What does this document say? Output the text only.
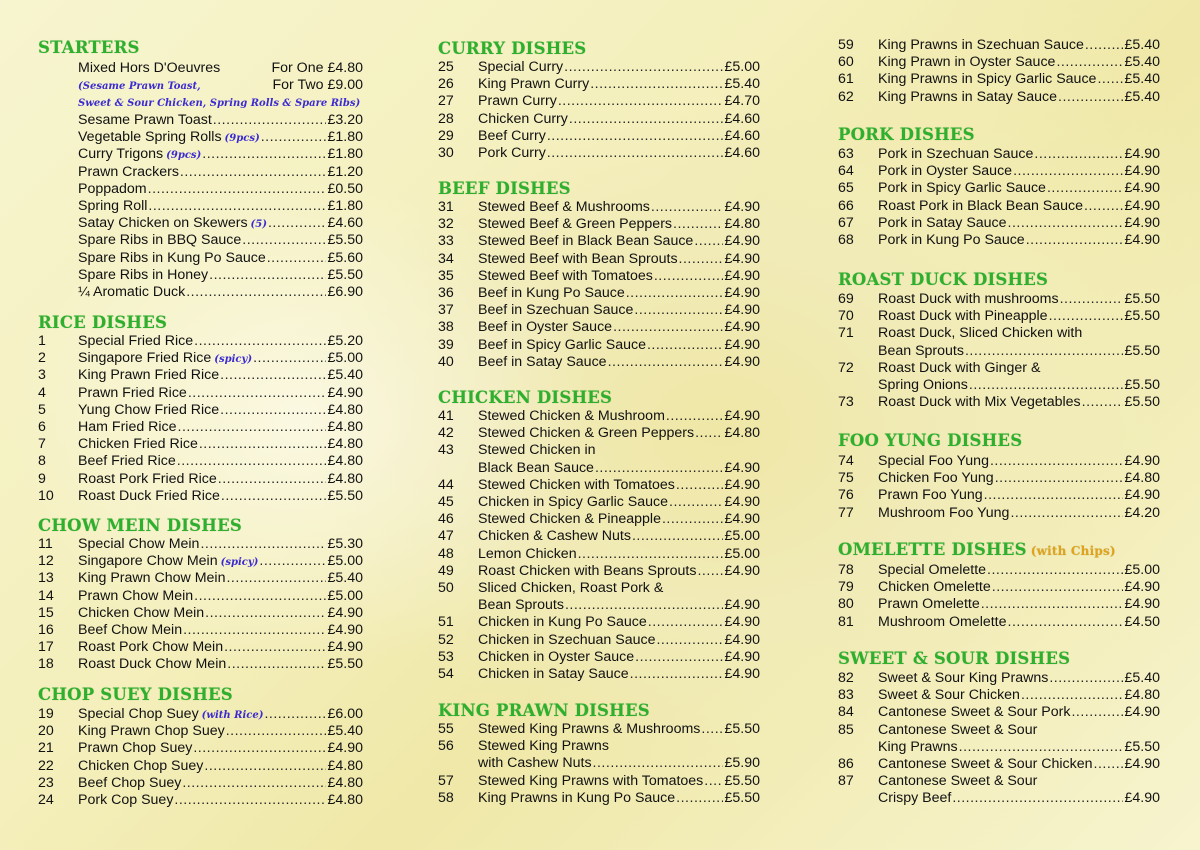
STARTERS
Mixed Hors D'Oeuvres	For One £4.80
For Two £9.00
(Sesame Prawn Toast,
Sweet & Sour Chicken, Spring Rolls & Spare Ribs)
Sesame Prawn Toast .....	£3.20
Vegetable Spring Rolls (9pcs) .....	£1.80
Curry Trigons (9pcs) .....	£1.80
Prawn Crackers .....	£1.20
Poppadom .....	£0.50
Spring Roll .....	£1.80
Satay Chicken on Skewers (5) .....	£4.60
Spare Ribs in BBQ Sauce .....	£5.50
Spare Ribs in Kung Po Sauce .....	£5.60
Spare Ribs in Honey .....	£5.50
¼ Aromatic Duck .....	£6.90
RICE DISHES
1	Special Fried Rice .....	£5.20
2	Singapore Fried Rice (spicy) .....	£5.00
3	King Prawn Fried Rice .....	£5.40
4	Prawn Fried Rice .....	£4.90
5	Yung Chow Fried Rice .....	£4.80
6	Ham Fried Rice .....	£4.80
7	Chicken Fried Rice .....	£4.80
8	Beef Fried Rice .....	£4.80
9	Roast Pork Fried Rice .....	£4.80
10	Roast Duck Fried Rice .....	£5.50
CHOW MEIN DISHES
11	Special Chow Mein .....	£5.30
12	Singapore Chow Mein (spicy) .....	£5.00
13	King Prawn Chow Mein .....	£5.40
14	Prawn Chow Mein .....	£5.00
15	Chicken Chow Mein .....	£4.90
16	Beef Chow Mein .....	£4.90
17	Roast Pork Chow Mein .....	£4.90
18	Roast Duck Chow Mein .....	£5.50
CHOP SUEY DISHES
19	Special Chop Suey (with Rice) .....	£6.00
20	King Prawn Chop Suey .....	£5.40
21	Prawn Chop Suey .....	£4.90
22	Chicken Chop Suey .....	£4.80
23	Beef Chop Suey .....	£4.80
24	Pork Cop Suey .....	£4.80
CURRY DISHES
25	Special Curry .....	£5.00
26	King Prawn Curry .....	£5.40
27	Prawn Curry .....	£4.70
28	Chicken Curry .....	£4.60
29	Beef Curry .....	£4.60
30	Pork Curry .....	£4.60
BEEF DISHES
31	Stewed Beef & Mushrooms .....	£4.90
32	Stewed Beef & Green Peppers .....	£4.80
33	Stewed Beef in Black Bean Sauce ..... £4.90
34	Stewed Beef with Bean Sprouts .....	£4.90
35	Stewed Beef with Tomatoes .....	£4.90
36	Beef in Kung Po Sauce .....	£4.90
37	Beef in Szechuan Sauce .....	£4.90
38	Beef in Oyster Sauce .....	£4.90
39	Beef in Spicy Garlic Sauce .....	£4.90
40	Beef in Satay Sauce .....	£4.90
CHICKEN DISHES
41	Stewed Chicken & Mushroom .....	£4.90
42	Stewed Chicken & Green Peppers ..... £4.80
43	Stewed Chicken in
Black Bean Sauce .....	£4.90
44	Stewed Chicken with Tomatoes .....	£4.90
45	Chicken in Spicy Garlic Sauce .....	£4.90
46	Stewed Chicken & Pineapple .....	£4.90
47	Chicken & Cashew Nuts .....	£5.00
48	Lemon Chicken .....	£5.00
49	Roast Chicken with Beans Sprouts ..... £4.90
50	Sliced Chicken, Roast Pork &
Bean Sprouts .....	£4.90
51	Chicken in Kung Po Sauce .....	£4.90
52	Chicken in Szechuan Sauce .....	£4.90
53	Chicken in Oyster Sauce .....	£4.90
54	Chicken in Satay Sauce .....	£4.90
KING PRAWN DISHES
55	Stewed King Prawns & Mushrooms ..... £5.50
56	Stewed King Prawns
with Cashew Nuts .....	£5.90
57	Stewed King Prawns with Tomatoes ..... £5.50
58	King Prawns in Kung Po Sauce .....	£5.50
59	King Prawns in Szechuan Sauce .....	£5.40
60	King Prawn in Oyster Sauce .....	£5.40
61	King Prawns in Spicy Garlic Sauce ..... £5.40
62	King Prawns in Satay Sauce .....	£5.40
PORK DISHES
63	Pork in Szechuan Sauce .....	£4.90
64	Pork in Oyster Sauce .....	£4.90
65	Pork in Spicy Garlic Sauce .....	£4.90
66	Roast Pork in Black Bean Sauce .....	£4.90
67	Pork in Satay Sauce .....	£4.90
68	Pork in Kung Po Sauce .....	£4.90
ROAST DUCK DISHES
69	Roast Duck with mushrooms .....	£5.50
70	Roast Duck with Pineapple .....	£5.50
71	Roast Duck, Sliced Chicken with
Bean Sprouts .....	£5.50
72	Roast Duck with Ginger &
Spring Onions .....	£5.50
73	Roast Duck with Mix Vegetables .....	£5.50
FOO YUNG DISHES
74	Special Foo Yung .....	£4.90
75	Chicken Foo Yung .....	£4.80
76	Prawn Foo Yung .....	£4.90
77	Mushroom Foo Yung .....	£4.20
OMELETTE DISHES (with Chips)
78	Special Omelette .....	£5.00
79	Chicken Omelette .....	£4.90
80	Prawn Omelette .....	£4.90
81	Mushroom Omelette .....	£4.50
SWEET & SOUR DISHES
82	Sweet & Sour King Prawns .....	£5.40
83	Sweet & Sour Chicken .....	£4.80
84	Cantonese Sweet & Sour Pork .....	£4.90
85	Cantonese Sweet & Sour
King Prawns .....	£5.50
86	Cantonese Sweet & Sour Chicken ..... £4.90
87	Cantonese Sweet & Sour
Crispy Beef .....	£4.90
